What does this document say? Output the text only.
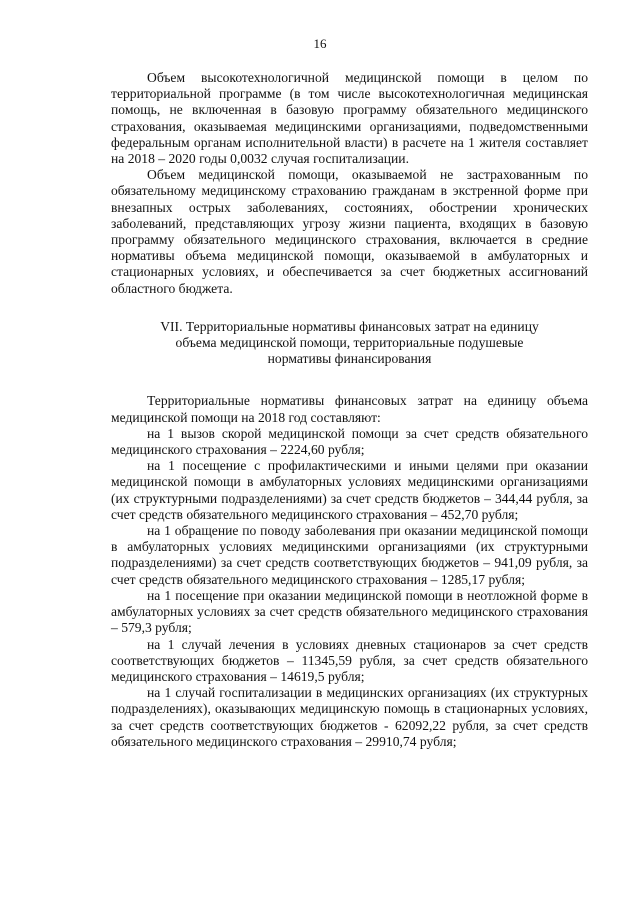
16

Объем высокотехнологичной медицинской помощи в целом по территориальной программе (в том числе высокотехнологичная медицинская помощь, не включенная в базовую программу обязательного медицинского страхования, оказываемая медицинскими организациями, подведомственными федеральным органам исполнительной власти) в расчете на 1 жителя составляет на 2018 – 2020 годы 0,0032 случая госпитализации.

Объем медицинской помощи, оказываемой не застрахованным по обязательному медицинскому страхованию гражданам в экстренной форме при внезапных острых заболеваниях, состояниях, обострении хронических заболеваний, представляющих угрозу жизни пациента, входящих в базовую программу обязательного медицинского страхования, включается в средние нормативы объема медицинской помощи, оказываемой в амбулаторных и стационарных условиях, и обеспечивается за счет бюджетных ассигнований областного бюджета.

VII. Территориальные нормативы финансовых затрат на единицу
объема медицинской помощи, территориальные подушевые
нормативы финансирования

Территориальные нормативы финансовых затрат на единицу объема медицинской помощи на 2018 год составляют:

на 1 вызов скорой медицинской помощи за счет средств обязательного медицинского страхования – 2224,60 рубля;

на 1 посещение с профилактическими и иными целями при оказании медицинской помощи в амбулаторных условиях медицинскими организациями (их структурными подразделениями) за счет средств бюджетов – 344,44 рубля, за счет средств обязательного медицинского страхования – 452,70 рубля;

на 1 обращение по поводу заболевания при оказании медицинской помощи в амбулаторных условиях медицинскими организациями (их структурными подразделениями) за счет средств соответствующих бюджетов – 941,09 рубля, за счет средств обязательного медицинского страхования – 1285,17 рубля;

на 1 посещение при оказании медицинской помощи в неотложной форме в амбулаторных условиях за счет средств обязательного медицинского страхования – 579,3 рубля;

на 1 случай лечения в условиях дневных стационаров за счет средств соответствующих бюджетов – 11345,59 рубля, за счет средств обязательного медицинского страхования – 14619,5 рубля;

на 1 случай госпитализации в медицинских организациях (их структурных подразделениях), оказывающих медицинскую помощь в стационарных условиях, за счет средств соответствующих бюджетов - 62092,22 рубля, за счет средств обязательного медицинского страхования – 29910,74 рубля;
